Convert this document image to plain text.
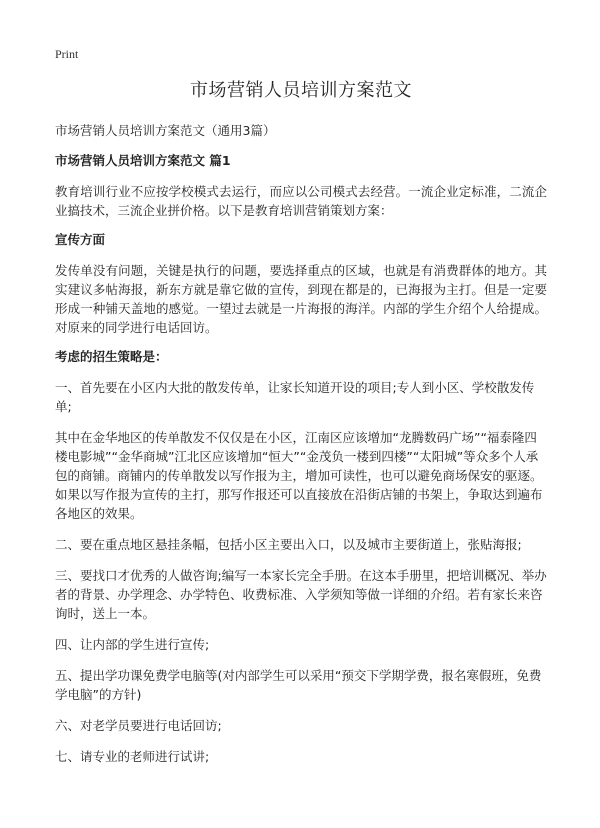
Print
市场营销人员培训方案范文

市场营销人员培训方案范文（通用3篇）

市场营销人员培训方案范文 篇1

教育培训行业不应按学校模式去运行，而应以公司模式去经营。一流企业定标准，二流企业搞技术，三流企业拼价格。以下是教育培训营销策划方案：

宣传方面

发传单没有问题，关键是执行的问题，要选择重点的区域，也就是有消费群体的地方。其实建议多帖海报，新东方就是靠它做的宣传，到现在都是的，已海报为主打。但是一定要形成一种铺天盖地的感觉。一望过去就是一片海报的海洋。内部的学生介绍个人给提成。对原来的同学进行电话回访。

考虑的招生策略是：

一、首先要在小区内大批的散发传单，让家长知道开设的项目;专人到小区、学校散发传单;

其中在金华地区的传单散发不仅仅是在小区，江南区应该增加“龙腾数码广场”“福泰隆四楼电影城”“金华商城”江北区应该增加“恒大”“金茂负一楼到四楼”“太阳城”等众多个人承包的商铺。商铺内的传单散发以写作报为主，增加可读性，也可以避免商场保安的驱逐。如果以写作报为宣传的主打，那写作报还可以直接放在沿街店铺的书架上，争取达到遍布各地区的效果。

二、要在重点地区悬挂条幅，包括小区主要出入口，以及城市主要街道上，张贴海报;

三、要找口才优秀的人做咨询;编写一本家长完全手册。在这本手册里，把培训概况、举办者的背景、办学理念、办学特色、收费标准、入学须知等做一详细的介绍。若有家长来咨询时，送上一本。

四、让内部的学生进行宣传;

五、提出学功课免费学电脑等(对内部学生可以采用“预交下学期学费，报名寒假班，免费学电脑”的方针)

六、对老学员要进行电话回访;

七、请专业的老师进行试讲;
